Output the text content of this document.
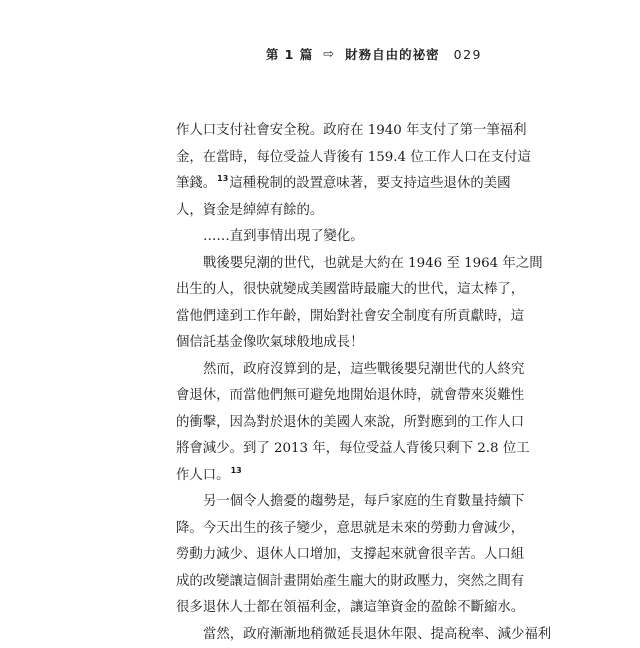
第 1 篇 ⇨ 財務自由的祕密 029

作人口支付社會安全稅。政府在 1940 年支付了第一筆福利
金，在當時，每位受益人背後有 159.4 位工作人口在支付這
筆錢。$^{13}$這種稅制的設置意味著，要支持這些退休的美國
人，資金是綽綽有餘的。

……直到事情出現了變化。

戰後嬰兒潮的世代，也就是大約在 1946 至 1964 年之間
出生的人，很快就變成美國當時最龐大的世代，這太棒了，
當他們達到工作年齡，開始對社會安全制度有所貢獻時，這
個信託基金像吹氣球般地成長！

然而，政府沒算到的是，這些戰後嬰兒潮世代的人終究
會退休，而當他們無可避免地開始退休時，就會帶來災難性
的衝擊，因為對於退休的美國人來說，所對應到的工作人口
將會減少。到了 2013 年，每位受益人背後只剩下 2.8 位工
作人口。$^{13}$

另一個令人擔憂的趨勢是，每戶家庭的生育數量持續下
降。今天出生的孩子變少，意思就是未來的勞動力會減少，
勞動力減少、退休人口增加，支撐起來就會很辛苦。人口組
成的改變讓這個計畫開始產生龐大的財政壓力，突然之間有
很多退休人士都在領福利金，讓這筆資金的盈餘不斷縮水。

當然，政府漸漸地稍微延長退休年限、提高稅率、減少福利
